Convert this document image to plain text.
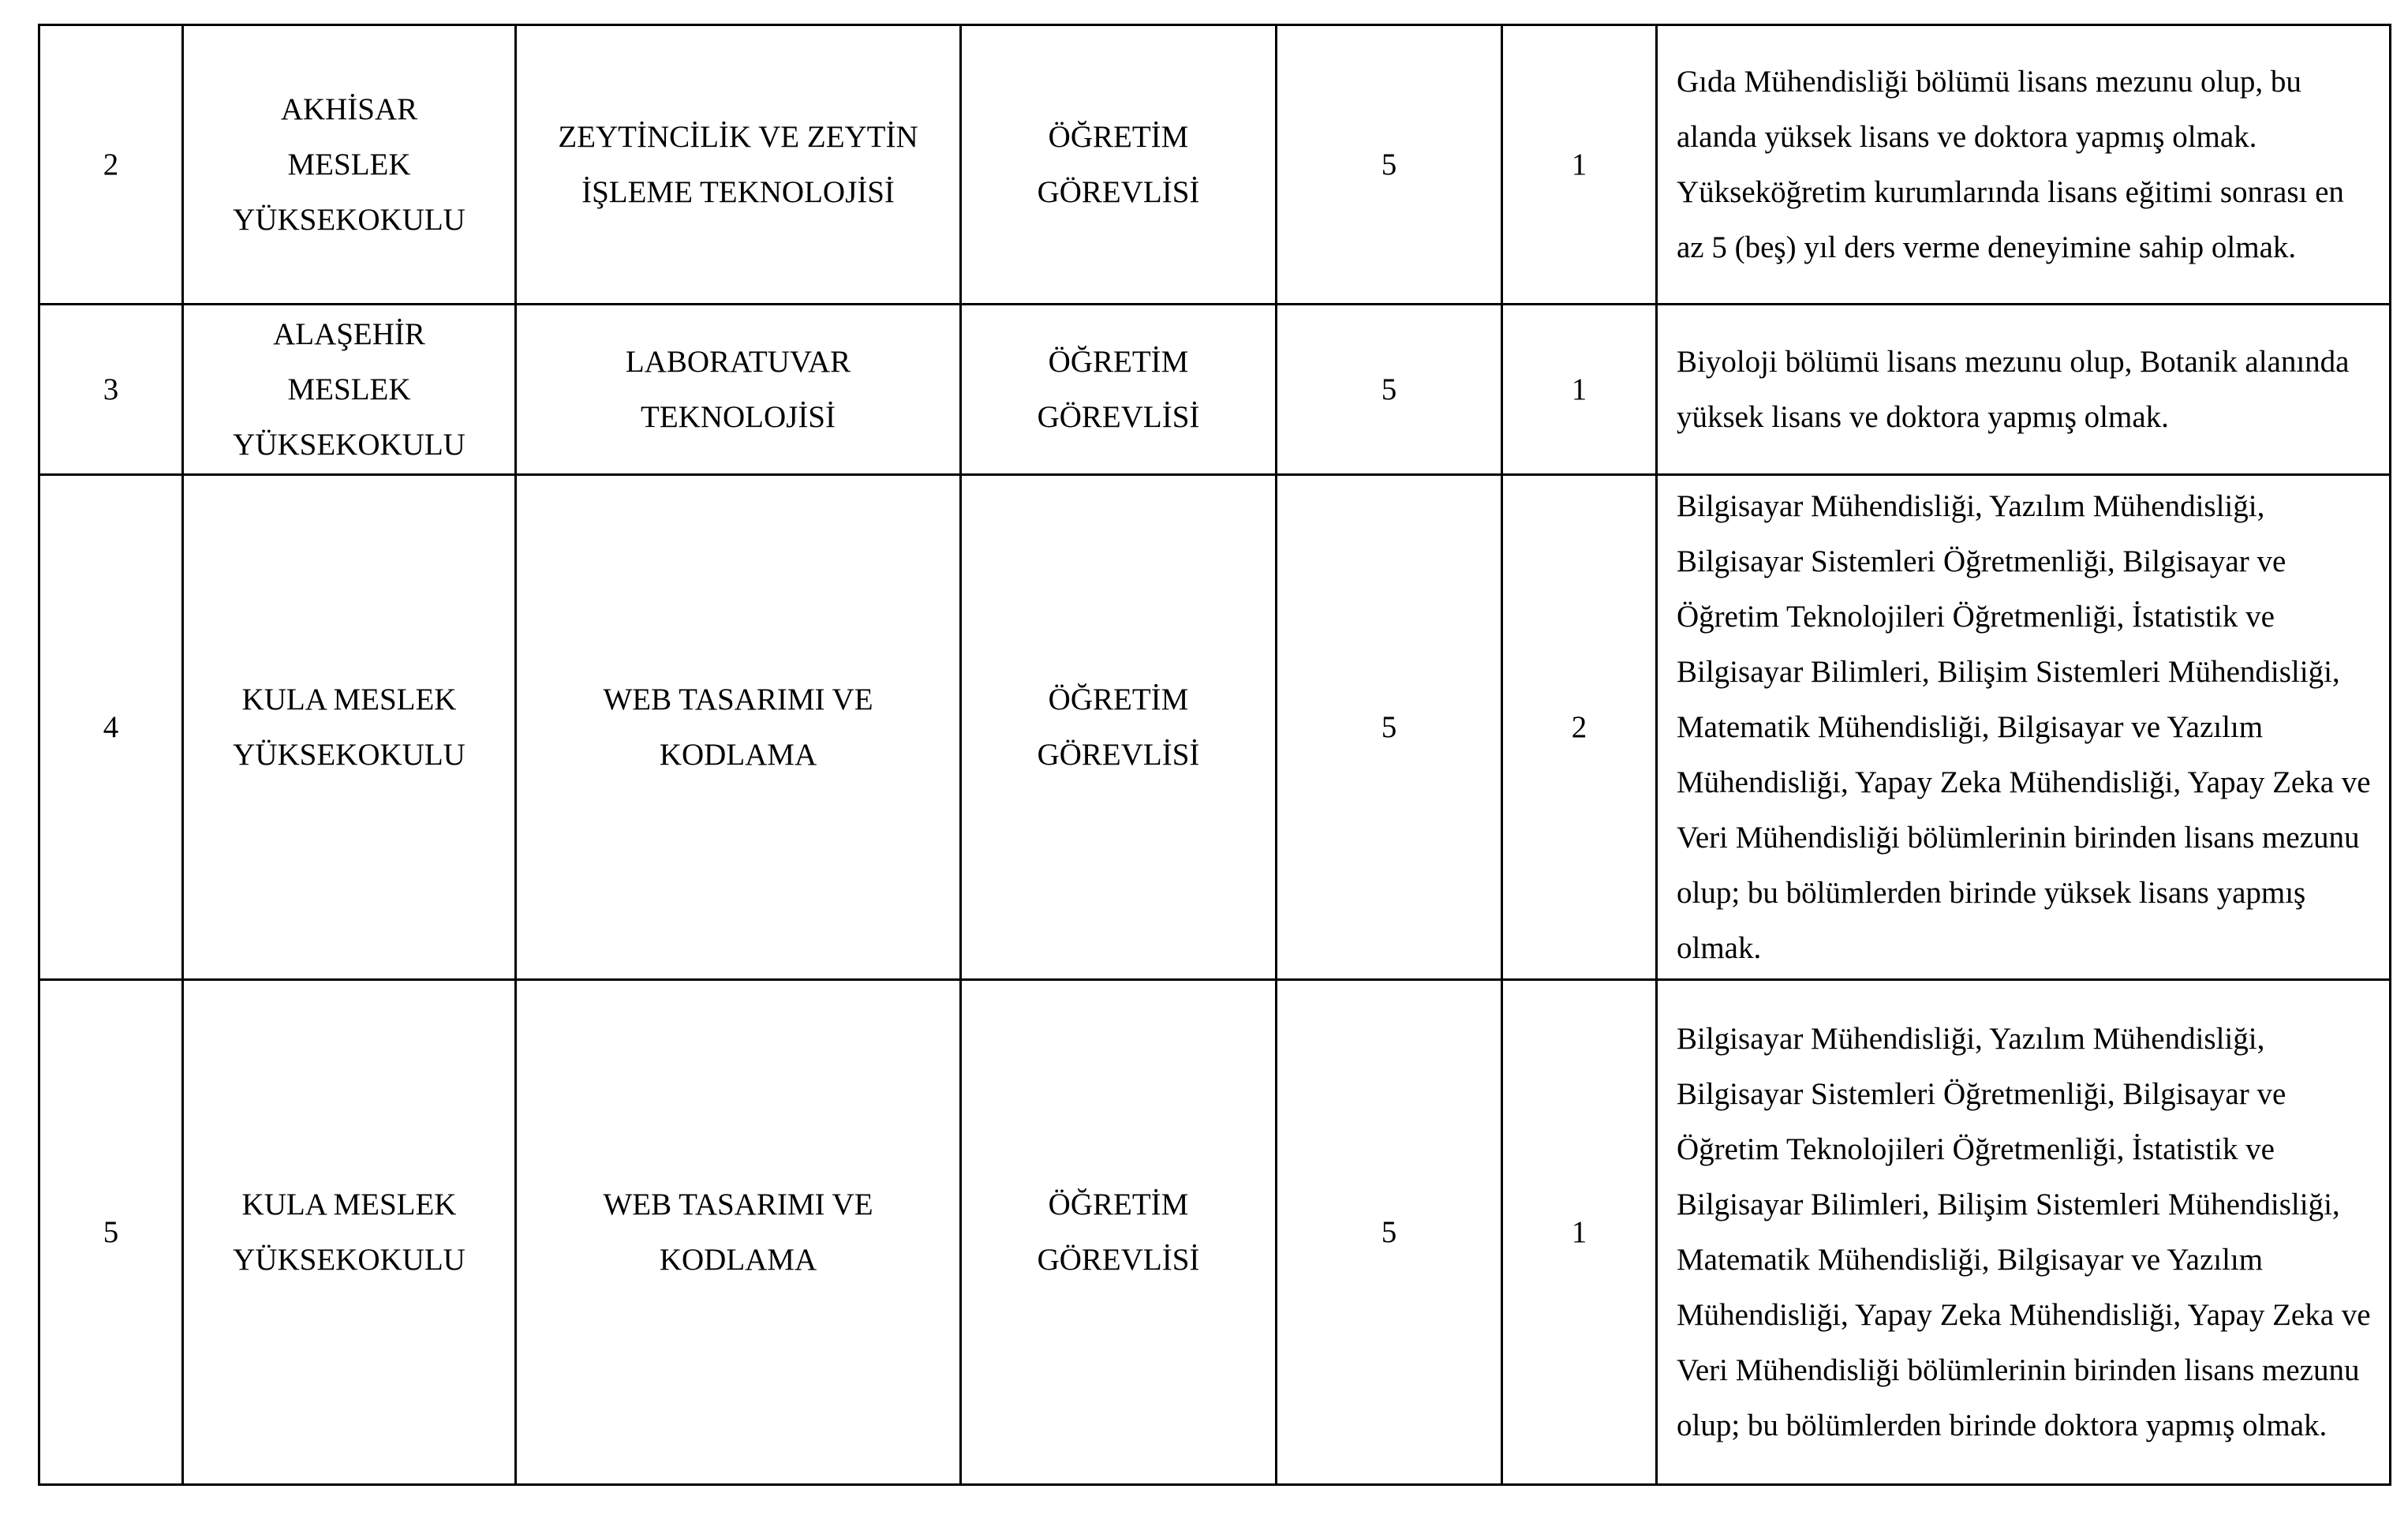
2	AKHİSAR
MESLEK
YÜKSEKOKULU	ZEYTİNCİLİK VE ZEYTİN
İŞLEME TEKNOLOJİSİ	ÖĞRETİM
GÖREVLİSİ	5	1	Gıda Mühendisliği bölümü lisans mezunu olup, bu alanda yüksek lisans ve doktora yapmış olmak. Yükseköğretim kurumlarında lisans eğitimi sonrası en az 5 (beş) yıl ders verme deneyimine sahip olmak.

3	ALAŞEHİR
MESLEK
YÜKSEKOKULU	LABORATUVAR
TEKNOLOJİSİ	ÖĞRETİM
GÖREVLİSİ	5	1	Biyoloji bölümü lisans mezunu olup, Botanik alanında yüksek lisans ve doktora yapmış olmak.

4	KULA MESLEK
YÜKSEKOKULU	WEB TASARIMI VE
KODLAMA	ÖĞRETİM
GÖREVLİSİ	5	2	Bilgisayar Mühendisliği, Yazılım Mühendisliği, Bilgisayar Sistemleri Öğretmenliği, Bilgisayar ve Öğretim Teknolojileri Öğretmenliği, İstatistik ve Bilgisayar Bilimleri, Bilişim Sistemleri Mühendisliği, Matematik Mühendisliği, Bilgisayar ve Yazılım Mühendisliği, Yapay Zeka Mühendisliği, Yapay Zeka ve Veri Mühendisliği bölümlerinin birinden lisans mezunu olup; bu bölümlerden birinde yüksek lisans yapmış olmak.

5	KULA MESLEK
YÜKSEKOKULU	WEB TASARIMI VE
KODLAMA	ÖĞRETİM
GÖREVLİSİ	5	1	Bilgisayar Mühendisliği, Yazılım Mühendisliği, Bilgisayar Sistemleri Öğretmenliği, Bilgisayar ve Öğretim Teknolojileri Öğretmenliği, İstatistik ve Bilgisayar Bilimleri, Bilişim Sistemleri Mühendisliği, Matematik Mühendisliği, Bilgisayar ve Yazılım Mühendisliği, Yapay Zeka Mühendisliği, Yapay Zeka ve Veri Mühendisliği bölümlerinin birinden lisans mezunu olup; bu bölümlerden birinde doktora yapmış olmak.
